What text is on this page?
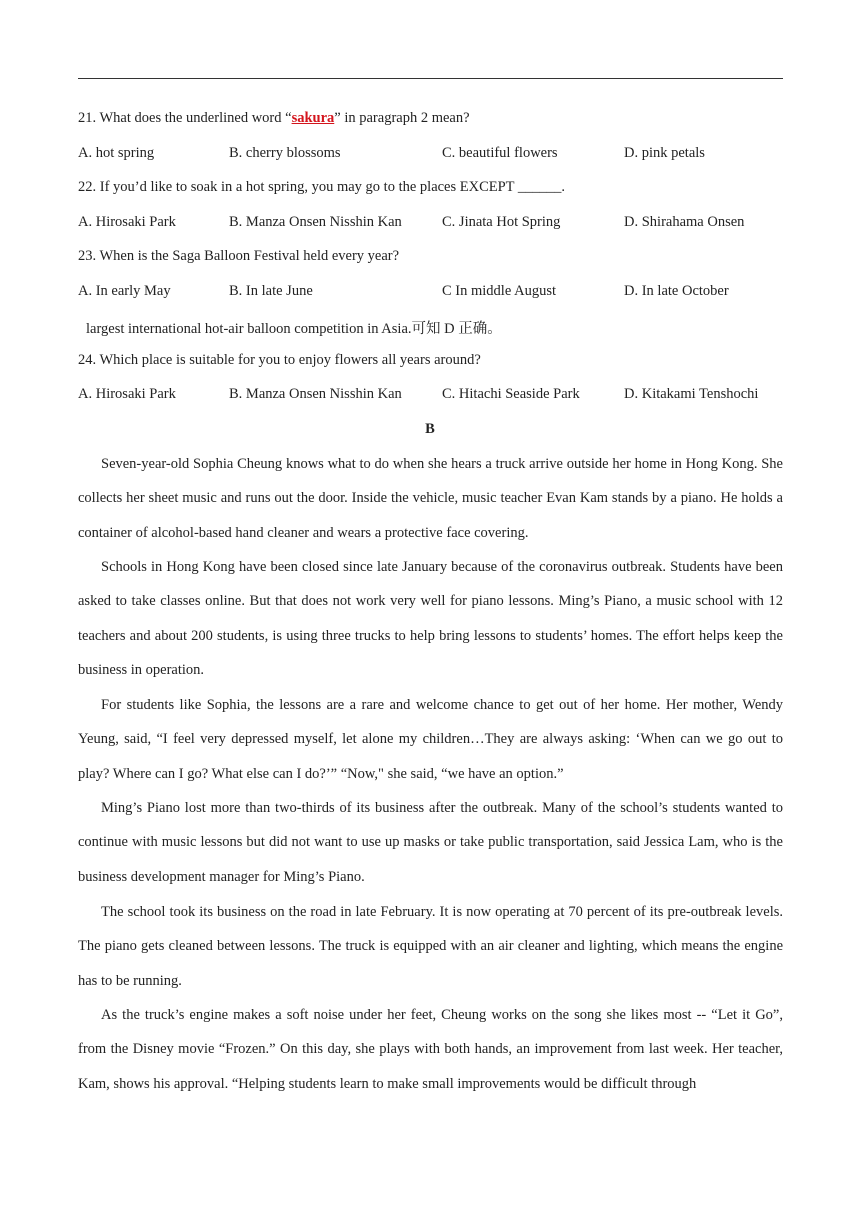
21. What does the underlined word “sakura” in paragraph 2 mean?
A. hot spring	B. cherry blossoms	C. beautiful flowers	D. pink petals
22. If you’d like to soak in a hot spring, you may go to the places EXCEPT ______.
A. Hirosaki Park	B. Manza Onsen Nisshin Kan	C. Jinata Hot Spring	D. Shirahama Onsen
23. When is the Saga Balloon Festival held every year?
A. In early May	B. In late June	C In middle August	D. In late October
largest international hot-air balloon competition in Asia.可知 D 正确。
24. Which place is suitable for you to enjoy flowers all years around?
A. Hirosaki Park	B. Manza Onsen Nisshin Kan	C. Hitachi Seaside Park	D. Kitakami Tenshochi
B
Seven-year-old Sophia Cheung knows what to do when she hears a truck arrive outside her home in Hong Kong. She collects her sheet music and runs out the door. Inside the vehicle, music teacher Evan Kam stands by a piano. He holds a container of alcohol-based hand cleaner and wears a protective face covering.
Schools in Hong Kong have been closed since late January because of the coronavirus outbreak. Students have been asked to take classes online. But that does not work very well for piano lessons. Ming’s Piano, a music school with 12 teachers and about 200 students, is using three trucks to help bring lessons to students’ homes. The effort helps keep the business in operation.
For students like Sophia, the lessons are a rare and welcome chance to get out of her home. Her mother, Wendy Yeung, said, “I feel very depressed myself, let alone my children…They are always asking: ‘When can we go out to play? Where can I go? What else can I do?’” “Now," she said, “we have an option.”
Ming’s Piano lost more than two-thirds of its business after the outbreak. Many of the school’s students wanted to continue with music lessons but did not want to use up masks or take public transportation, said Jessica Lam, who is the business development manager for Ming’s Piano.
The school took its business on the road in late February. It is now operating at 70 percent of its pre-outbreak levels. The piano gets cleaned between lessons. The truck is equipped with an air cleaner and lighting, which means the engine has to be running.
As the truck’s engine makes a soft noise under her feet, Cheung works on the song she likes most -- “Let it Go”, from the Disney movie “Frozen.” On this day, she plays with both hands, an improvement from last week. Her teacher, Kam, shows his approval. “Helping students learn to make small improvements would be difficult through
